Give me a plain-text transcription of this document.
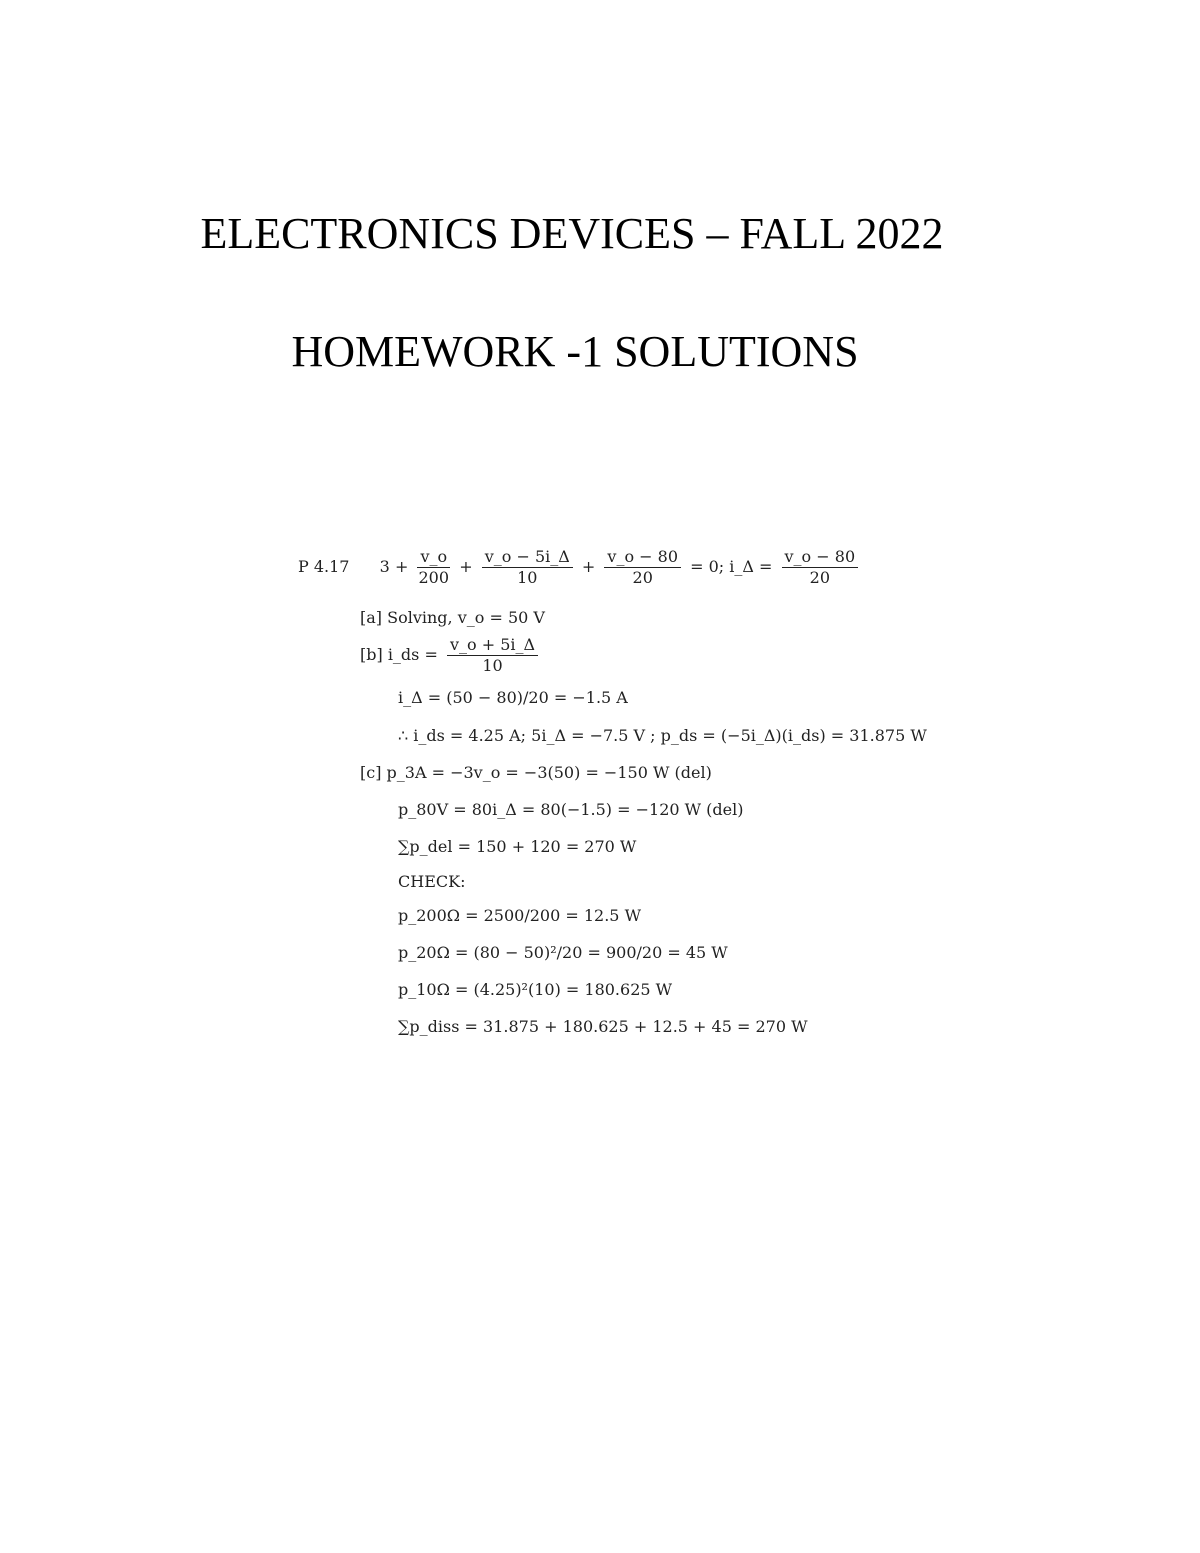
ELECTRONICS DEVICES – FALL 2022
HOMEWORK -1 SOLUTIONS
P 4.17 $3 + \frac{v\_o}{200} + \frac{v\_o - 5i\_\Delta}{10} + \frac{v\_o - 80}{20} = 0$; i_Δ = $\frac{v\_o - 80}{20}$
[a] Solving, v_o = 50 V
[b] i_ds = $\frac{v\_o + 5i\_\Delta}{10}$
i_Δ = (50 − 80)/20 = −1.5 A
∴ i_ds = 4.25 A; 5i_Δ = −7.5 V ; p_ds = (−5i_Δ)(i_ds) = 31.875 W
[c] p_3A = −3v_o = −3(50) = −150 W (del)
p_80V = 80i_Δ = 80(−1.5) = −120 W (del)
∑p_del = 150 + 120 = 270 W
CHECK:
p_200Ω = 2500/200 = 12.5 W
p_20Ω = (80 − 50)²/20 = 900/20 = 45 W
p_10Ω = (4.25)²(10) = 180.625 W
∑p_diss = 31.875 + 180.625 + 12.5 + 45 = 270 W
